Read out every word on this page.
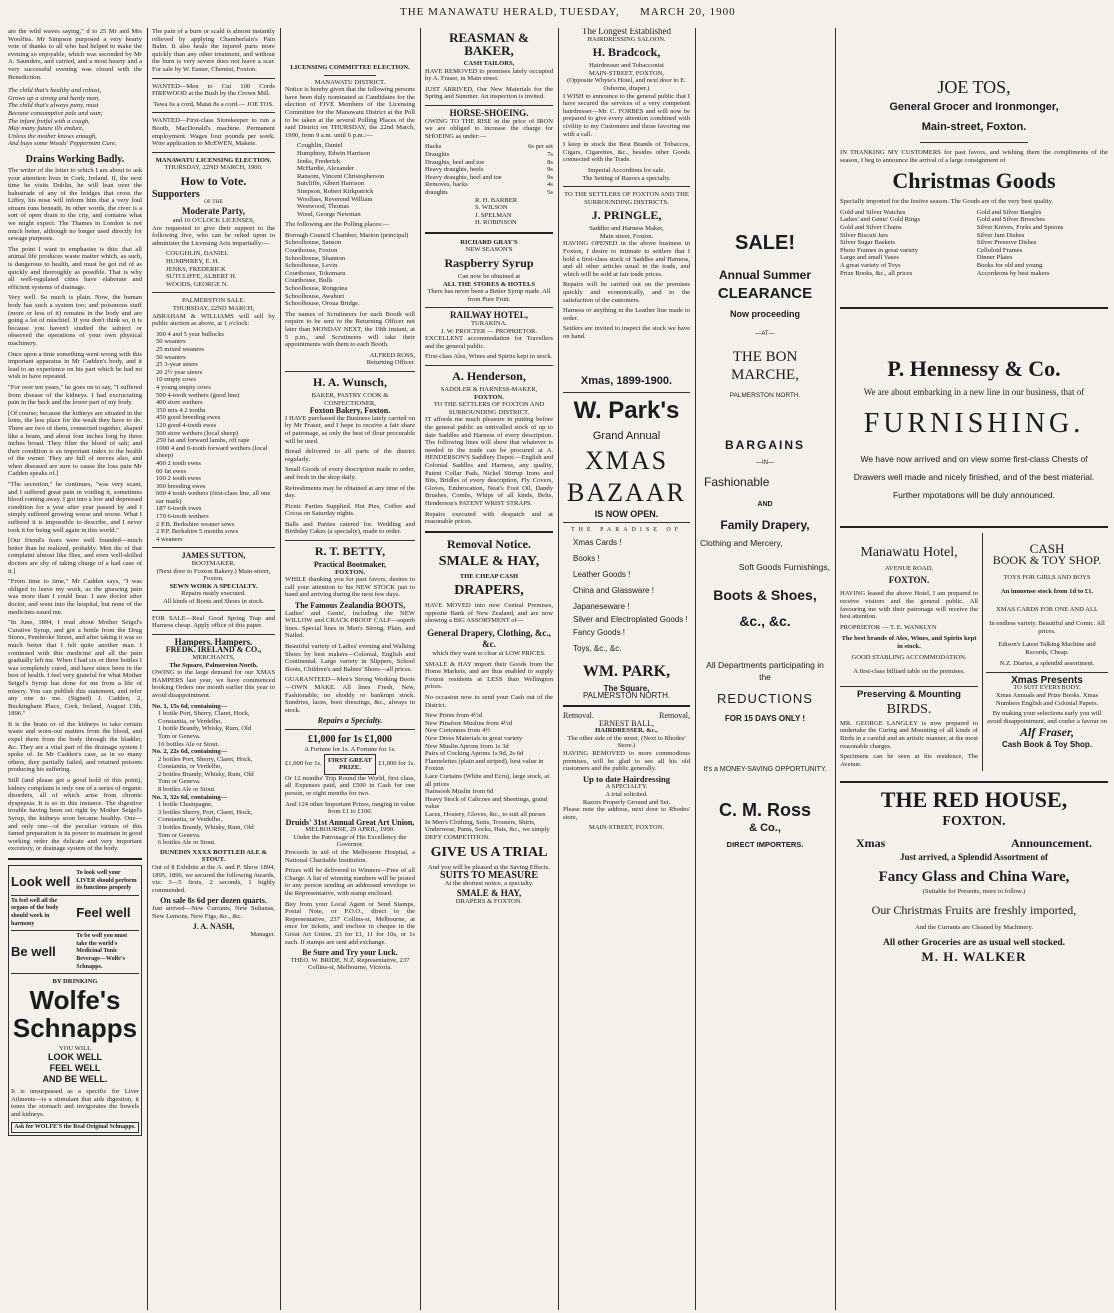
THE MANAWATU HERALD, TUESDAY, MARCH 20, 1900

are the wild waves saying," d io 25 Mr and Mrs Woolfiss. Mr Simpson purposed a very hearty vote of thanks to all who had helped to make the evening so enjoyable, which was seconded by Mr A. Saunders, and carried, and a most hearty and a very successful evening was closed with the Benediction.

The child that's healthy and robust,
Grows up a strong and hardy man,
The child that's always puny, must
Become consumptive pale and wan;
The infant fretful with a cough,
May many future ills endure,
Unless the mother knows enough,
And buys some Woods' Peppermint Cure.
Drains Working Badly.

The writer of the letter to which I am about to ask your attention lives in Cork, Ireland. If, the next time he visits Dublin, he will lean over the balustrade of any of the bridges that cross the Liffey, his nose will inform him that a very foul stream runs beneath. In other words, the river is a sort of open drain to the city, and contains what we might expect. The Thames in London is not much better, although no longer used directly for sewage purposes.

The point I want to emphasise is this: that all animal life produces waste matter which, as such, is dangerous to health, and must be got rid of as quickly and thoroughly as possible. That is why all well-regulated cities have elaborate and efficient systems of drainage.

Very well. So much is plain. Now, the human body has such a system too; and poisonous stuff (more or less of it) remains in the body and are going a lot of mischief. If you don't think so, it is because you haven't studied the subject or observed the operations of your own physical machinery.

Once upon a time something went wrong with this important apparatus in Mr Cadden's body, and it lead to an experience on his part which he had no wish to have repeated.

"For over ten years," he goes on to say, "I suffered from disease of the kidneys. I had excruciating pain in the back and the lower part of my body.

[Of course; because the kidneys are situated in the loins, the less place for the weak they have to do. There are two of them, connected together, shaped like a beam, and about four inches long by three inches broad. They filter the blood of salt; and their condition is an important index to the health of the owner. They are full of nerves also, and when diseased are sure to cause the loss pain Mr Cadden speaks of.]

"The secretion," he continues, "was very scant, and I suffered great pain in voiding it, sometimes blood coming away. I got into a low and depressed condition for a year after year passed by and I simply suffered growing worse and worse. What I suffered it is impossible to describe, and I never took it for being well again in this world."

[Our friend's fears were well founded—much better than he realized, probably. Men die of that complaint almost like flies, and even well-skilled doctors are shy of taking charge of a bad case of it.]

"From time to time," Mr Cadden says, "I was obliged to leave my work, as the gnawing pain was more than I could bear. I saw doctor after doctor, and went into the hospital, but none of the medicines eased me.

"In June, 1894, I read about Mother Seigel's Curative Syrup, and got a bottle from the Drug Stores, Pembroke Street, and after taking it was so much better that I felt quite another man. I continued with this medicine and all the pain gradually left me. When I had six or three bottles I was completely cured, and have since been in the best of health. I feel very grateful for what Mother Seigel's Syrup has done for me from a life of misery. You can publish this statement, and refer any one to me. (Signed) J. Cadden, 2, Buckingham Place, Cork, Ireland, August 13th, 1896."

It is the brain or of the kidneys to take certain waste and worn-out matters from the blood, and expel them from the body through the bladder, &c. They are a vital part of the drainage system I spoke of. In Mr Cadden's case, as in so many others, they partially failed, and retained poisons producing his suffering.

Still (and please get a good hold of this point), kidney complaint is only one of a series of organic disorders, all of which arise from chronic dyspepsia. It is so in this instance. The digestive trouble having been set right by Mother Seigel's Syrup, the kidneys soon became healthy. One—and only one—of the peculiar virtues of this famed preparation is its power to maintain in good working order the delicate and very important excretory, or drainage system of the body.

Look well
To look well your LIVER should perform its functions properly
To feel well all the organs of the body should work in harmony
Feel well
Be well
To be well you must take the world's Medicinal Tonic Beverage—Wolfe's Schnapps.
BY DRINKING
Wolfe's
Schnapps
YOU WILL
LOOK WELL
FEEL WELL
AND BE WELL.

It is unsurpassed as a specific for Liver Ailments—is a stimulant that aids digestion, it tones the stomach and invigorates the bowels and kidneys.

Ask for WOLFE'S the Real Original Schnapps.

The pain of a burn or scald is almost instantly relieved by applying Chamberlain's Pain Balm. It also heals the injured parts more quickly than any other treatment, and without the burn is very severe does not leave a scar. For sale by W. Easter, Chemist, Foxton.

WANTED—Men to Cut 100 Cords FIREWOOD at the Bush by the Crown Mill.

Tawa 6s a cord, Matai 8s a cord.— JOE TOS.

WANTED—First-class Storekeeper to run a Booth, MacDonald's machine. Permanent employment. Wages four pounds per week. Wire application to McEWEN, Makete.

MANAWATU LICENSING ELECTION.
THURSDAY, 22ND MARCH, 1900.
How to Vote.
Supporters
OF THE
Moderate Party,
and 10 O'CLOCK LICENSES,

Are requested to give their support to the following five, who can be relied upon to administer the Licensing Acts impartially:—

COUGHLIN, DANIEL
HUMPHREY, E. H.
JENKS, FREDERICK
SUTCLIFFE, ALBERT H.
WOODS, GEORGE N.
PALMERSTON SALE.
THURSDAY, 22ND MARCH,

ABRAHAM & WILLIAMS will sell by public auction as above, at 1 o'clock:

300 4 and 5 year bullocks
50 weaners
25 mixed weaners
50 weaners
25 3-year steers
20 2½ year steers
10 empty cows
4 young empty cows
500 4-tooth wethers (good line)
400 store wethers
350 mix 4 2 tooths
450 good breeding ewes
120 good 4-tooth ewes
500 store wethers (local sheep)
250 fat and forward lambs, off rape
1000 4 and 6-tooth forward wethers (local sheep)
400 2 tooth ewes
60 fat ewes
100 2 tooth ewes
300 breeding ewes
600 4 tooth wethers (first-class line, all one ear mark)
187 6-tooth ewes
170 6-tooth wethers
2 P.B. Berkshire weaner sows
2 P.P. Berkshire 5 months sows
4 weaners
JAMES SUTTON,
BOOTMAKER.
(Next door to Foxton Bakery.) Main-street, Foxton.
SEWN WORK A SPECIALTY.
Repairs neatly executed.
All kinds of Boots and Shoes in stock.

FOR SALE—Real Good Spring Trap and Harness cheap. Apply office of this paper.

Hampers. Hampers.
FREDK. IRELAND & CO.,
MERCHANTS,
The Square, Palmerston North.

OWING to the large demand for our XMAS HAMPERS last year, we have commenced booking Orders one month earlier this year to avoid disappointment.

No. 1, 15s 6d, containing—
1 bottle Port, Sherry, Claret, Hock,
Constantia, or Verdelho,
1 bottle Brandy, Whisky, Rum, Old
Tom or Geneva.
10 bottles Ale or Stout.
No. 2, 22s 6d, containing—
2 bottles Port, Sherry, Claret, Hock,
Constantia, or Verdelho,
2 bottles Brandy, Whisky, Rum, Old
Tom or Geneva.
8 bottles Ale or Stout.
No. 3, 32s 6d, containing—
1 bottle Champagne,
3 bottles Sherry, Port, Claret, Hock,
Constantia, or Verdelho,
3 bottles Brandy, Whisky, Rum, Old
Tom or Geneva.
6 bottles Ale or Stout.
DUNEDIN XXXX BOTTLED ALE & STOUT.

Out of 8 Exhibits at the A. and P. Show 1894, 1895, 1896, we secured the following Awards, viz: 3—5 firsts, 2 seconds, 1 highly commended.

On sale 8s 6d per dozen quarts.

Just arrived—New Currants, New Sultanas, New Lemons, New Figs, &c., &c.

J. A. NASH,
Manager.
LICENSING COMMITTEE ELECTION.
MANAWATU DISTRICT.

Notice is hereby given that the following persons have been duly nominated as Candidates for the election of FIVE Members of the Licensing Committee for the Manawatu District at the Poll to be taken at the several Polling Places of the said District on THURSDAY, the 22nd March, 1900, from 9 a.m. until 6 p.m.:—

Coughlin, Daniel
Humphrey, Edwin Harrison
Jenks, Frederick
McHardie, Alexander
Ransom, Vincent Christopherson
Sutcliffe, Albert Harrison
Simpson, Robert Kirkpatrick
Woollass, Reverend William
Westwood, Thomas
Wood, George Newman

The following are the Polling places:—

Borough Council Chamber, Marton (principal)
Schoolhouse, Sanson
Courthouse, Foxton
Schoolhouse, Shannon
Schoolhouse, Levin
Courthouse, Tokomaru
Courthouse, Bulls
Schoolhouse, Rongotea
Schoolhouse, Awahuri
Schoolhouse, Oroua Bridge.

The names of Scrutineers for each Booth will require to be sent to the Returning Officer not later than MONDAY NEXT, the 19th instant, at 5 p.m., and Scrutineers will take their appointments with them to each Booth.

ALFRED ROSS,
Returning Officer.
H. A. Wunsch,
BAKER, PASTRY COOK & CONFECTIONER,
Foxton Bakery, Foxton.

I HAVE purchased the Business lately carried on by Mr Fraser, and I hope to receive a fair share of patronage, as only the best of flour procurable will be used.

Bread delivered to all parts of the district regularly.

Small Goods of every description made to order, and fresh in the shop daily.

Refreshments may be obtained at any time of the day.

Picnic Parties Supplied. Hot Pies, Coffee and Cocoa on Saturday nights.

Balls and Parties catered for. Wedding and Birthday Cakes (a specialty), made to order.

R. T. BETTY,
Practical Bootmaker,
FOXTON.

WHILE thanking you for past favors, desires to call your attention to his NEW STOCK just to hand and arriving during the next few days.

The Famous Zealandia BOOTS,

Ladies' and Gents', including the NEW WILLOW and CRACK PROOF CALF—superb lines. Special lines in Men's Strong, Plain, and Nailed.

Beautiful variety of Ladies' evening and Walking Shoes by best makers—Colonial, English and Continental. Large variety in Slippers, School Boots, Children's and Babies' Shoes—all prices.

GUARANTEED—Men's Strong Working Boots—OWN MAKE. All lines Fresh, New, Fashionable; no shoddy or bankrupt stock. Sundries, laces, boot dressings, &c., always in stock.

Repairs a Specialty.
£1,000 for 1s £1,000
A Fortune for 1s. A Fortune for 1s.
£1,000 for 1s.
FIRST GREAT PRIZE.
£1,000 for 1s.

Or 12 months' Trip Round the World, first class, all Expenses paid, and £500 in Cash for one person, or eight months for two.

And 124 other Important Prizes, ranging in value from £1 to £100.

Druids' 31st Annual Great Art Union,
MELBOURNE, 29 APRIL, 1900.
Under the Patronage of His Excellency the Governor.

Proceeds in aid of the Melbourne Hospital, a National Charitable Institution.

Prizes will be delivered to Winners—Free of all Charge. A list of winning numbers will be posted to any person sending an addressed envelope to the Representative, with stamp enclosed.

Buy from your Local Agent or Send Stamps, Postal Note, or P.O.O., direct to the Representative, 237 Collins-st, Melbourne, at once for tickets, and enclose in cheque in the Great Art Union. 23 for £1, 11 for 10s, or 1s each. If stamps are sent add exchange.

Be Sure and Try your Luck.
THEO. W. BRIDE, N.Z. Representative, 237 Collins-st, Melbourne, Victoria.
REASMAN & BAKER,
CASH TAILORS,

HAVE REMOVED to premises lately occupied by A. Fraser, in Main street.

JUST ARRIVED, Our New Materials for the Spring and Summer. An inspection is invited.

HORSE-SHOEING.

OWING TO THE RISE in the price of IRON we are obliged to increase the charge for SHOEING as under:—

Hacks	6s per set
Draughts	7s
Draughts, heel and toe	8s
Heavy draughts, heels	9s
Heavy draughts, heel and toe	9s
Removes, hacks	4s
draughts	5s
R. H. BARBER
S. WILSON
J. SPELMAN
H. ROBINSON
RICHARD GRAY'S
NEW SEASON'S
Raspberry Syrup
Can now be obtained at
ALL THE STORES & HOTELS

There has never been a Better Syrup made. All from Pure Fruit.

RAILWAY HOTEL,
TURAKINA.
J. W. PROCTER — PROPRIETOR.

EXCELLENT accommodation for Travellers and the general public.

First-class Ales, Wines and Spirits kept in stock.

A. Henderson,
SADDLER & HARNESS-MAKER,
FOXTON.
TO THE SETTLERS OF FOXTON AND SURROUNDING DISTRICT.

IT affords me much pleasure in putting before the general public an unrivalled stock of up to date Saddles and Harness of every description. The following lines will show that whatever is needed in the trade can be procured at A. HENDERSON'S Saddlery Depot:—English and Colonial Saddles and Harness, any quality, Patent Collar Pads, Nickel Stirrup Irons and Bits, Bridles of every description, Fly Covers, Gloves, Embrocation, Neat's Foot Oil, Dandy Brushes, Combs, Whips of all kinds, Belts, Henderson's PATENT WRIST STRAPS.

Repairs executed with despatch and at reasonable prices.

Removal Notice.
SMALE & HAY,
THE CHEAP CASH
DRAPERS,

HAVE MOVED into new Central Premises, opposite Bank of New Zealand, and are now showing a BIG ASSORTMENT of—

General Drapery, Clothing, &c., &c.

which they want to clear at LOW PRICES.

SMALE & HAY import their Goods from the Home Markets, and are thus enabled to supply Foxton residents at LESS than Wellington prices.

No occasion now to send your Cash out of the District.

New Prints from 4½d
New Pinafore Muslins from 4½d
New Cretonnes from 4½
New Dress Materials in great variety
New Muslin Aprons from 1s 3d
Pairs of Cocking Aprons 1s 9d, 2s 6d
Flannelettes (plain and striped), best value in Foxton
Lace Curtains (White and Ecru), large stock, at all prices
Nainsook Muslin from 6d
Heavy Stock of Calicoes and Sheetings, grand value
Laces, Hosiery, Gloves, &c., to suit all purses
In Men's Clothing, Suits, Trousers, Shirts, Underwear, Pants, Socks, Hats, &c., we simply DEFY COMPETITION.
GIVE US A TRIAL
And you will be pleased at the Saving Effects.
SUITS TO MEASURE
At the shortest notice, a specialty.
SMALE & HAY,
DRAPERS & FOXTON.
The Longest Established
HAIRDRESSING SALOON.
H. Bradcock,
Hairdresser and Tobacconist
MAIN-STREET, FOXTON,
(Opposite Whyte's Hotel, and next door to E. Osborne, draper.)

I WISH to announce to the general public that I have secured the services of a very competent hairdresser—Mr. C. FORBES and will now be prepared to give every attention combined with civility to my Customers and those favoring me with a call.

I keep in stock the Best Brands of Tobaccos, Cigars, Cigarettes, &c., besides other Goods connected with the Trade.

Imperial Accordions for sale.
The Setting of Razors a specialty.
TO THE SETTLERS OF FOXTON AND THE SURROUNDING DISTRICTS.
J. PRINGLE,
Saddler and Harness Maker,
Main street, Foxton.

HAVING OPENED in the above business in Foxton, I desire to intimate to settlers that I hold a first-class stock of Saddles and Harness, and all other articles usual in the trade, and which will be sold at fair trade prices.

Repairs will be carried out on the premises quickly and economically, and to the satisfaction of the customers.

Harness or anything in the Leather line made to order.

Settlers are invited to inspect the stock we have on hand.

Xmas, 1899-1900.
W. Park's
Grand Annual
XMAS
BAZAAR
IS NOW OPEN.
THE PARADISE OF
Xmas Cards !
Books !
Leather Goods !
China and Glassware !
Japaneseware !
Silver and Electroplated Goods !
Fancy Goods !
Toys, &c., &c.
WM. PARK,
The Square,
PALMERSTON NORTH.
Removal.	Removal,
ERNEST BALL,
HAIRDRESSER, &c.,
The other side of the street, (Next to Rhodes' Store.)

HAVING REMOVED to more commodious premises, will be glad to see all his old customers and the public generally.

Up to date Hairdressing
A SPECIALTY.
A trial solicited.
Razors Properly Ground and Set.

Please note the address, next door to Rhodes' store,

MAIN-STREET, FOXTON.
SALE!
Annual Summer
CLEARANCE
Now proceeding
—AT—
THE BON MARCHE,
PALMERSTON NORTH.
BARGAINS
—IN—
Fashionable
AND
Family Drapery,
Clothing and Mercery,
Soft Goods Furnishings,
Boots & Shoes,
&c., &c.
All Departments participating in the
REDUCTIONS
FOR 15 DAYS ONLY !
It's a MONEY-SAVING OPPORTUNITY.
C. M. Ross
& Co.,
DIRECT IMPORTERS.
JOE TOS,
General Grocer and Ironmonger,
Main-street, Foxton.

IN THANKING MY CUSTOMERS for past favors, and wishing them the compliments of the season, I beg to announce the arrival of a large consignment of

Christmas Goods

Specially imported for the festive season. The Goods are of the very best quality.

Gold and Silver Watches
Ladies' and Gents' Gold Rings
Gold and Silver Chains
Silver Biscuit Jars
Silver Sugar Baskets
Photo Frames in great variety
Large and small Vases
A great variety of Toys
Prize Books, &c., all prices
Gold and Silver Bangles
Gold and Silver Brooches
Silver Knives, Forks and Spoons
Silver Jam Dishes
Silver Preserve Dishes
Celluloid Frames
Dinner Plates
Books for old and young
Accordeons by best makers
P. Hennessy & Co.
We are about embarking in a new line in our business, that of
FURNISHING.
We have now arrived and on view some first-class Chests of Drawers well made and nicely finished, and of the best material. Further mpotations will be duly announced.
Manawatu Hotel,
AVENUE ROAD,
FOXTON.

HAVING leased the above Hotel, I am prepared to receive visitors and the general public. All favouring me with their patronage will receive the best attention.

PROPRIETOR — T. E. WANKLYN

The best brands of Ales, Wines, and Spirits kept in stock.

GOOD STABLING ACCOMMODATION.
A first-class billiard table on the premises.
Preserving & Mounting
BIRDS.

MR. GEORGE LANGLEY is now prepared to undertake the Curing and Mounting of all kinds of Birds in a careful and an artistic manner, at the most reasonable charges.

Specimens can be seen at his residence, The Avenue.

CASH
BOOK & TOY SHOP.
TOYS FOR GIRLS AND BOYS
An immense stock from 1d to £1.
XMAS CARDS FOR ONE AND ALL
In endless variety. Beautiful and Comic. All prices.
Edison's Latest Talking Machine and Records, Cheap.
N.Z. Diaries, a splendid assortment.
Xmas Presents
TO SUIT EVERYBODY.

Xmas Annuals and Prize Books. Xmas Numbers English and Colonial Papers.

By making your selections early you will avoid disappointment, and confer a favour on

Alf Fraser,
Cash Book & Toy Shop.
THE RED HOUSE,
FOXTON.
Xmas	Announcement.
Just arrived, a Splendid Assortment of
Fancy Glass and China Ware,
(Suitable for Presents, more to follow.)
Our Christmas Fruits are freshly imported,
And the Currants are Cleaned by Machinery.
All other Groceries are as usual well stocked.
M. H. WALKER
